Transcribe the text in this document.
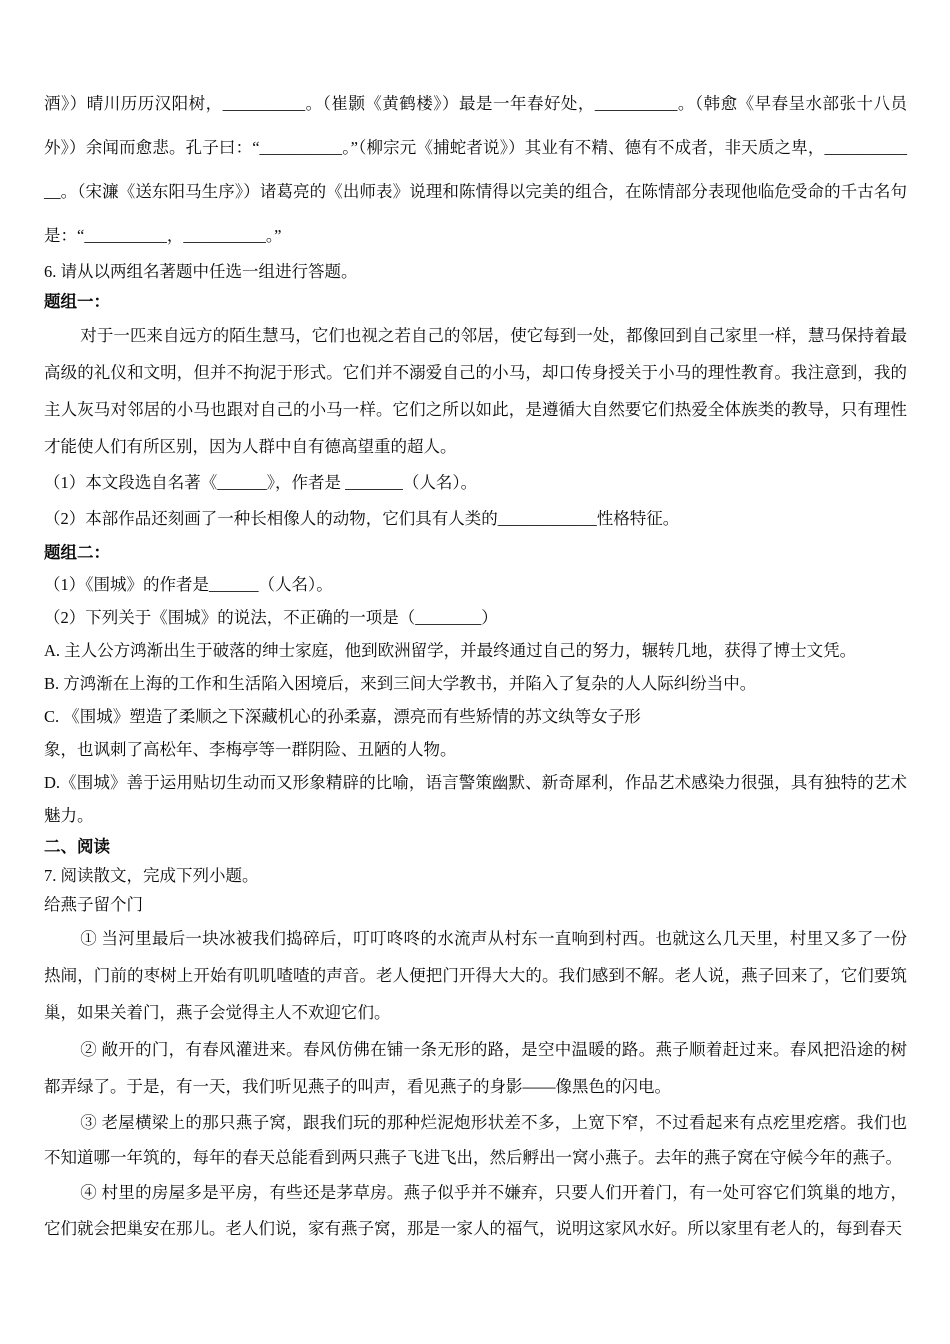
酒》）晴川历历汉阳树，__________。（崔颢《黄鹤楼》）最是一年春好处，__________。（韩愈《早春呈水部张十八员外》）余闻而愈悲。孔子曰：“__________。”（柳宗元《捕蛇者说》）其业有不精、德有不成者，非天质之卑，____________。（宋濂《送东阳马生序》）诸葛亮的《出师表》说理和陈情得以完美的组合，在陈情部分表现他临危受命的千古名句是：“__________，__________。”

6. 请从以两组名著题中任选一组进行答题。

题组一：

对于一匹来自远方的陌生慧马，它们也视之若自己的邻居，使它每到一处，都像回到自己家里一样，慧马保持着最高级的礼仪和文明，但并不拘泥于形式。它们并不溺爱自己的小马，却口传身授关于小马的理性教育。我注意到，我的主人灰马对邻居的小马也跟对自己的小马一样。它们之所以如此，是遵循大自然要它们热爱全体族类的教导，只有理性才能使人们有所区别，因为人群中自有德高望重的超人。

（1）本文段选自名著《______》，作者是 _______（人名）。

（2）本部作品还刻画了一种长相像人的动物，它们具有人类的____________性格特征。

题组二：

（1）《围城》的作者是______（人名）。

（2）下列关于《围城》的说法，不正确的一项是（________）

A. 主人公方鸿渐出生于破落的绅士家庭，他到欧洲留学，并最终通过自己的努力，辗转几地，获得了博士文凭。

B. 方鸿渐在上海的工作和生活陷入困境后，来到三间大学教书，并陷入了复杂的人人际纠纷当中。

C. 《围城》塑造了柔顺之下深藏机心的孙柔嘉，漂亮而有些矫情的苏文纨等女子形

象，也讽刺了高松年、李梅亭等一群阴险、丑陋的人物。

D.《围城》善于运用贴切生动而又形象精辟的比喻，语言警策幽默、新奇犀利，作品艺术感染力很强，具有独特的艺术魅力。

二、阅读

7. 阅读散文，完成下列小题。

给燕子留个门

① 当河里最后一块冰被我们捣碎后，叮叮咚咚的水流声从村东一直响到村西。也就这么几天里，村里又多了一份热闹，门前的枣树上开始有叽叽喳喳的声音。老人便把门开得大大的。我们感到不解。老人说，燕子回来了，它们要筑巢，如果关着门，燕子会觉得主人不欢迎它们。

② 敞开的门，有春风灌进来。春风仿佛在铺一条无形的路，是空中温暖的路。燕子顺着赶过来。春风把沿途的树都弄绿了。于是，有一天，我们听见燕子的叫声，看见燕子的身影——像黑色的闪电。

③ 老屋横梁上的那只燕子窝，跟我们玩的那种烂泥炮形状差不多，上宽下窄，不过看起来有点疙里疙瘩。我们也不知道哪一年筑的，每年的春天总能看到两只燕子飞进飞出，然后孵出一窝小燕子。去年的燕子窝在守候今年的燕子。

④ 村里的房屋多是平房，有些还是茅草房。燕子似乎并不嫌弃，只要人们开着门，有一处可容它们筑巢的地方，它们就会把巢安在那儿。老人们说，家有燕子窝，那是一家人的福气，说明这家风水好。所以家里有老人的，每到春天
